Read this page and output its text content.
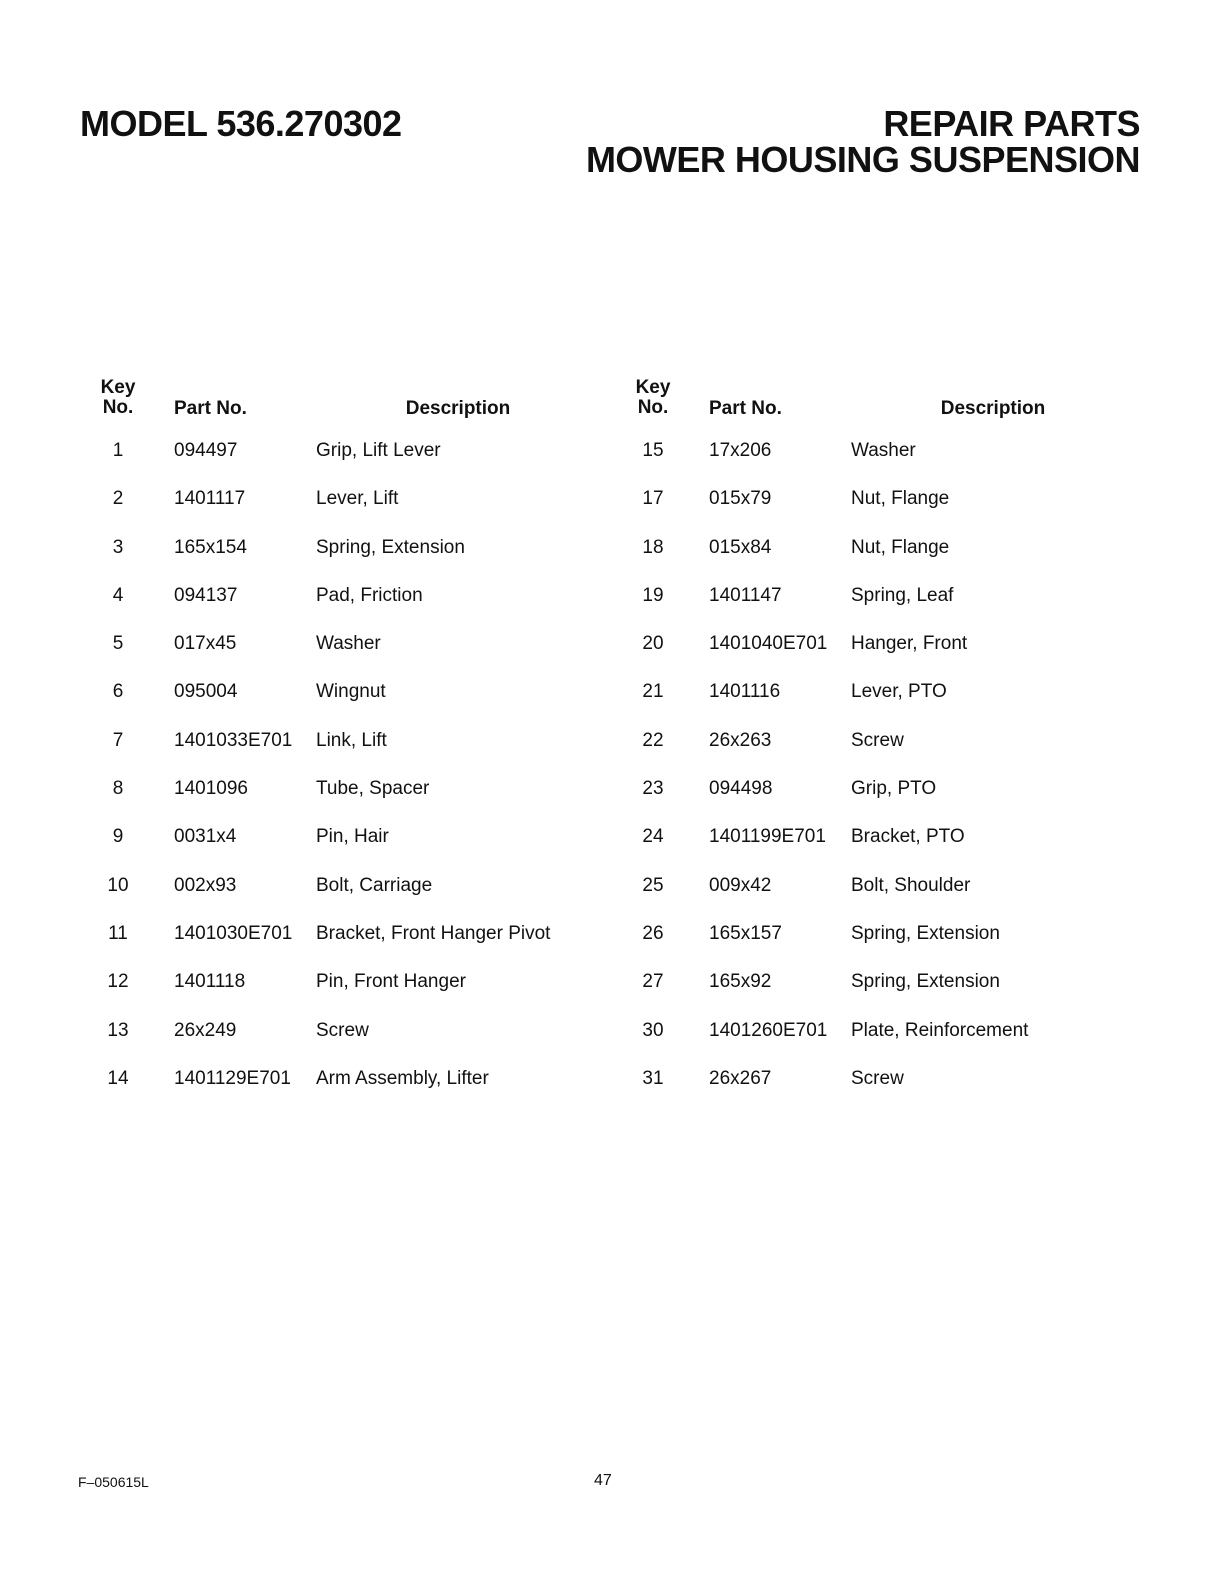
MODEL 536.270302	REPAIR PARTS
MOWER HOUSING SUSPENSION
Key
No.	Part No.	Description
1	094497	Grip, Lift Lever
2	1401117	Lever, Lift
3	165x154	Spring, Extension
4	094137	Pad, Friction
5	017x45	Washer
6	095004	Wingnut
7	1401033E701 Link, Lift
8	1401096	Tube, Spacer
9	0031x4	Pin, Hair
10	002x93	Bolt, Carriage
11	1401030E701 Bracket, Front Hanger Pivot
12	1401118	Pin, Front Hanger
13	26x249	Screw
14	1401129E701 Arm Assembly, Lifter
Key
No.	Part No.	Description
15	17x206	Washer
17	015x79	Nut, Flange
18	015x84	Nut, Flange
19	1401147	Spring, Leaf
20	1401040E701 Hanger, Front
21	1401116	Lever, PTO
22	26x263	Screw
23	094498	Grip, PTO
24	1401199E701 Bracket, PTO
25	009x42	Bolt, Shoulder
26	165x157	Spring, Extension
27	165x92	Spring, Extension
30	1401260E701 Plate, Reinforcement
31	26x267	Screw
F–050615L	47
